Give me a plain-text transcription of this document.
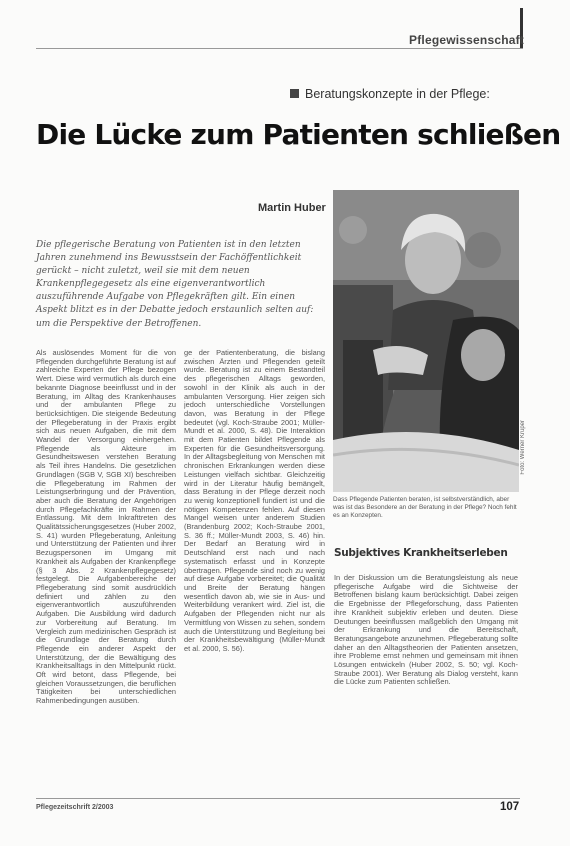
Pflegewissenschaft
Beratungskonzepte in der Pflege:
Die Lücke zum Patienten schließen
Martin Huber

Die pflegerische Beratung von Patienten ist in den letzten Jahren zunehmend ins Bewusstsein der Fachöffentlichkeit gerückt – nicht zuletzt, weil sie mit dem neuen Krankenpflegegesetz als eine eigenverantwortlich auszuführende Aufgabe von Pflegekräften gilt. Ein einen Aspekt blitzt es in der Debatte jedoch erstaunlich selten auf: um die Perspektive der Betroffenen.

Als auslösendes Moment für die von Pflegenden durchgeführte Beratung ist auf zahlreiche Experten der Pflege bezogen Wert. Diese wird vermutlich als durch eine bekannte Diagnose beeinflusst und in der Beratung, im Alltag des Krankenhauses und der ambulanten Pflege zu berücksichtigen. Die steigende Bedeutung der Pflegeberatung in der Praxis ergibt sich aus neuen Aufgaben, die mit dem Wandel der Versorgung einhergehen. Pflegende als Akteure im Gesundheitswesen verstehen Beratung als Teil ihres Handelns. Die gesetzlichen Grundlagen (SGB V, SGB XI) beschreiben die Pflegeberatung im Rahmen der Leistungserbringung und der Prävention, aber auch die Beratung der Angehörigen durch Pflegefachkräfte im Rahmen der Entlassung. Mit dem Inkrafttreten des Qualitätssicherungsgesetzes (Huber 2002, S. 41) wurden Pflegeberatung, Anleitung und Unterstützung der Patienten und ihrer Bezugspersonen im Umgang mit Krankheit als Aufgaben der Krankenpflege (§ 3 Abs. 2 Krankenpflegegesetz) festgelegt. Die Aufgabenbereiche der Pflegeberatung sind somit ausdrücklich definiert und zählen zu den eigenverantwortlich auszuführenden Aufgaben. Die Ausbildung wird dadurch zur Vorbereitung auf Beratung. Im Vergleich zum medizinischen Gespräch ist die Grundlage der Beratung durch Pflegende ein anderer Aspekt der Unterstützung, der die Bewältigung des Krankheitsalltags in den Mittelpunkt rückt. Oft wird betont, dass Pflegende, bei gleichen Voraussetzungen, die beruflichen Tätigkeiten bei unterschiedlichen Rahmenbedingungen ausüben.

ge der Patientenberatung, die bislang zwischen Ärzten und Pflegenden geteilt wurde. Beratung ist zu einem Bestandteil des pflegerischen Alltags geworden, sowohl in der Klinik als auch in der ambulanten Versorgung. Hier zeigen sich jedoch unterschiedliche Vorstellungen davon, was Beratung in der Pflege bedeutet (vgl. Koch-Straube 2001; Müller-Mundt et al. 2000, S. 48). Die Interaktion mit dem Patienten bildet Pflegende als Experten für die Gesundheitsversorgung. In der Alltagsbegleitung von Menschen mit chronischen Erkrankungen werden diese Leistungen vielfach sichtbar. Gleichzeitig wird in der Literatur häufig bemängelt, dass Beratung in der Pflege derzeit noch zu wenig konzeptionell fundiert ist und die nötigen Kompetenzen fehlen. Auf diesen Mangel weisen unter anderem Studien (Brandenburg 2002; Koch-Straube 2001, S. 36 ff.; Müller-Mundt 2003, S. 46) hin. Der Bedarf an Beratung wird in Deutschland erst nach und nach systematisch erfasst und in Konzepte übertragen. Pflegende sind noch zu wenig auf diese Aufgabe vorbereitet; die Qualität und Breite der Beratung hängen wesentlich davon ab, wie sie in Aus- und Weiterbildung verankert wird. Ziel ist, die Aufgaben der Pflegenden nicht nur als Vermittlung von Wissen zu sehen, sondern auch die Unterstützung und Begleitung bei der Krankheitsbewältigung (Müller-Mundt et al. 2000, S. 56).

Foto: Werner Krüper

Dass Pflegende Patienten beraten, ist selbstverständlich, aber was ist das Besondere an der Beratung in der Pflege? Noch fehlt es an Konzepten.

Subjektives Krankheitserleben

In der Diskussion um die Beratungsleistung als neue pflegerische Aufgabe wird die Sichtweise der Betroffenen bislang kaum berücksichtigt. Dabei zeigen die Ergebnisse der Pflegeforschung, dass Patienten ihre Krankheit subjektiv erleben und deuten. Diese Deutungen beeinflussen maßgeblich den Umgang mit der Erkrankung und die Bereitschaft, Beratungsangebote anzunehmen. Pflegeberatung sollte daher an den Alltagstheorien der Patienten ansetzen, ihre Probleme ernst nehmen und gemeinsam mit ihnen Lösungen entwickeln (Huber 2002, S. 50; vgl. Koch-Straube 2001). Wer Beratung als Dialog versteht, kann die Lücke zum Patienten schließen.

Pflegezeitschrift 2/2003	107
